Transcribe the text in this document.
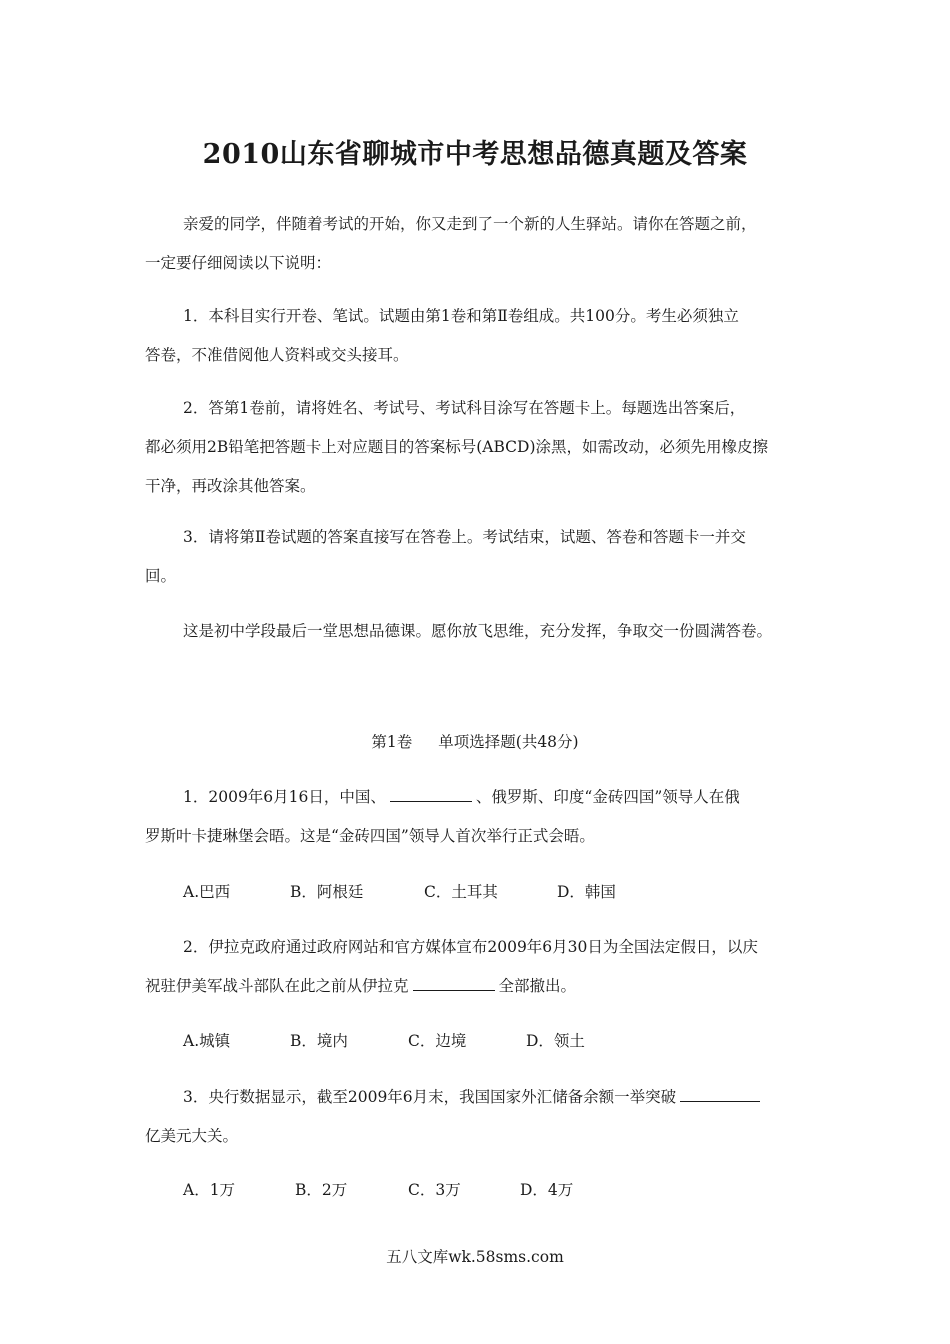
2010山东省聊城市中考思想品德真题及答案
亲爱的同学，伴随着考试的开始，你又走到了一个新的人生驿站。请你在答题之前，
一定要仔细阅读以下说明：
1．本科目实行开卷、笔试。试题由第1卷和第Ⅱ卷组成。共100分。考生必须独立
答卷，不准借阅他人资料或交头接耳。
2．答第1卷前，请将姓名、考试号、考试科目涂写在答题卡上。每题选出答案后，
都必须用2B铅笔把答题卡上对应题目的答案标号(ABCD)涂黑，如需改动，必须先用橡皮擦
干净，再改涂其他答案。
3．请将第Ⅱ卷试题的答案直接写在答卷上。考试结束，试题、答卷和答题卡一并交
回。
这是初中学段最后一堂思想品德课。愿你放飞思维，充分发挥，争取交一份圆满答卷。
第1卷 单项选择题(共48分)
1．2009年6月16日，中国、	、俄罗斯、印度“金砖四国”领导人在俄
罗斯叶卡捷琳堡会晤。这是“金砖四国”领导人首次举行正式会晤。
A.巴西	B．阿根廷	C．土耳其	D．韩国
2．伊拉克政府通过政府网站和官方媒体宣布2009年6月30日为全国法定假日，以庆
祝驻伊美军战斗部队在此之前从伊拉克	全部撤出。
A.城镇	B．境内	C．边境	D．领土
3．央行数据显示，截至2009年6月末，我国国家外汇储备余额一举突破
亿美元大关。
A．1万	B．2万	C．3万	D．4万
五八文库wk.58sms.com
